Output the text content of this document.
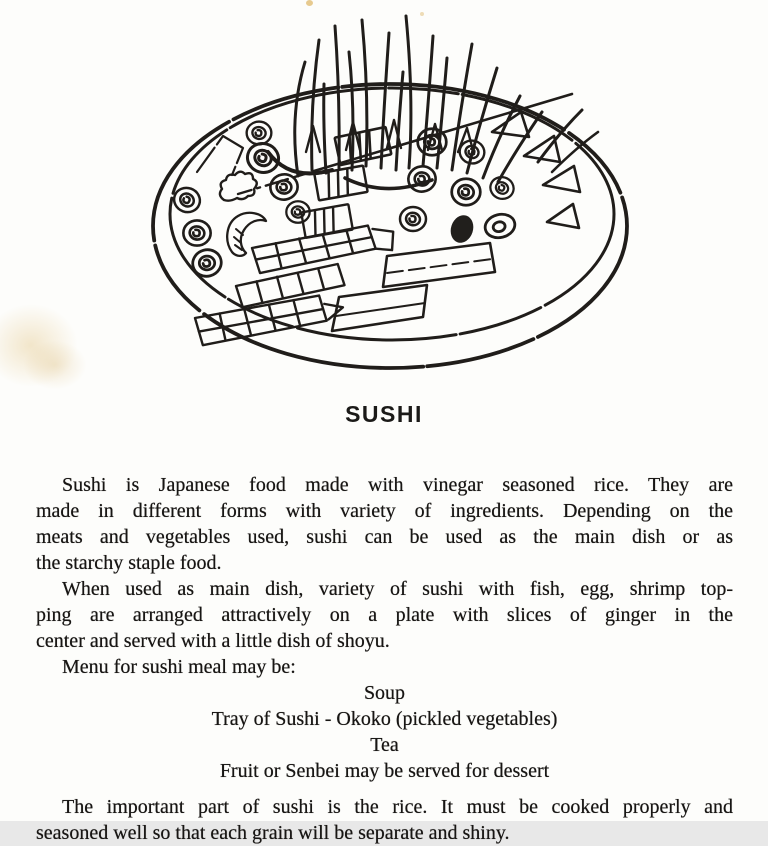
SUSHI
Sushi is Japanese food made with vinegar seasoned rice. They are
made in different forms with variety of ingredients. Depending on the
meats and vegetables used, sushi can be used as the main dish or as
the starchy staple food.
When used as main dish, variety of sushi with fish, egg, shrimp top-
ping are arranged attractively on a plate with slices of ginger in the
center and served with a little dish of shoyu.
Menu for sushi meal may be:
Soup
Tray of Sushi - Okoko (pickled vegetables)
Tea
Fruit or Senbei may be served for dessert
The important part of sushi is the rice. It must be cooked properly and
seasoned well so that each grain will be separate and shiny.
